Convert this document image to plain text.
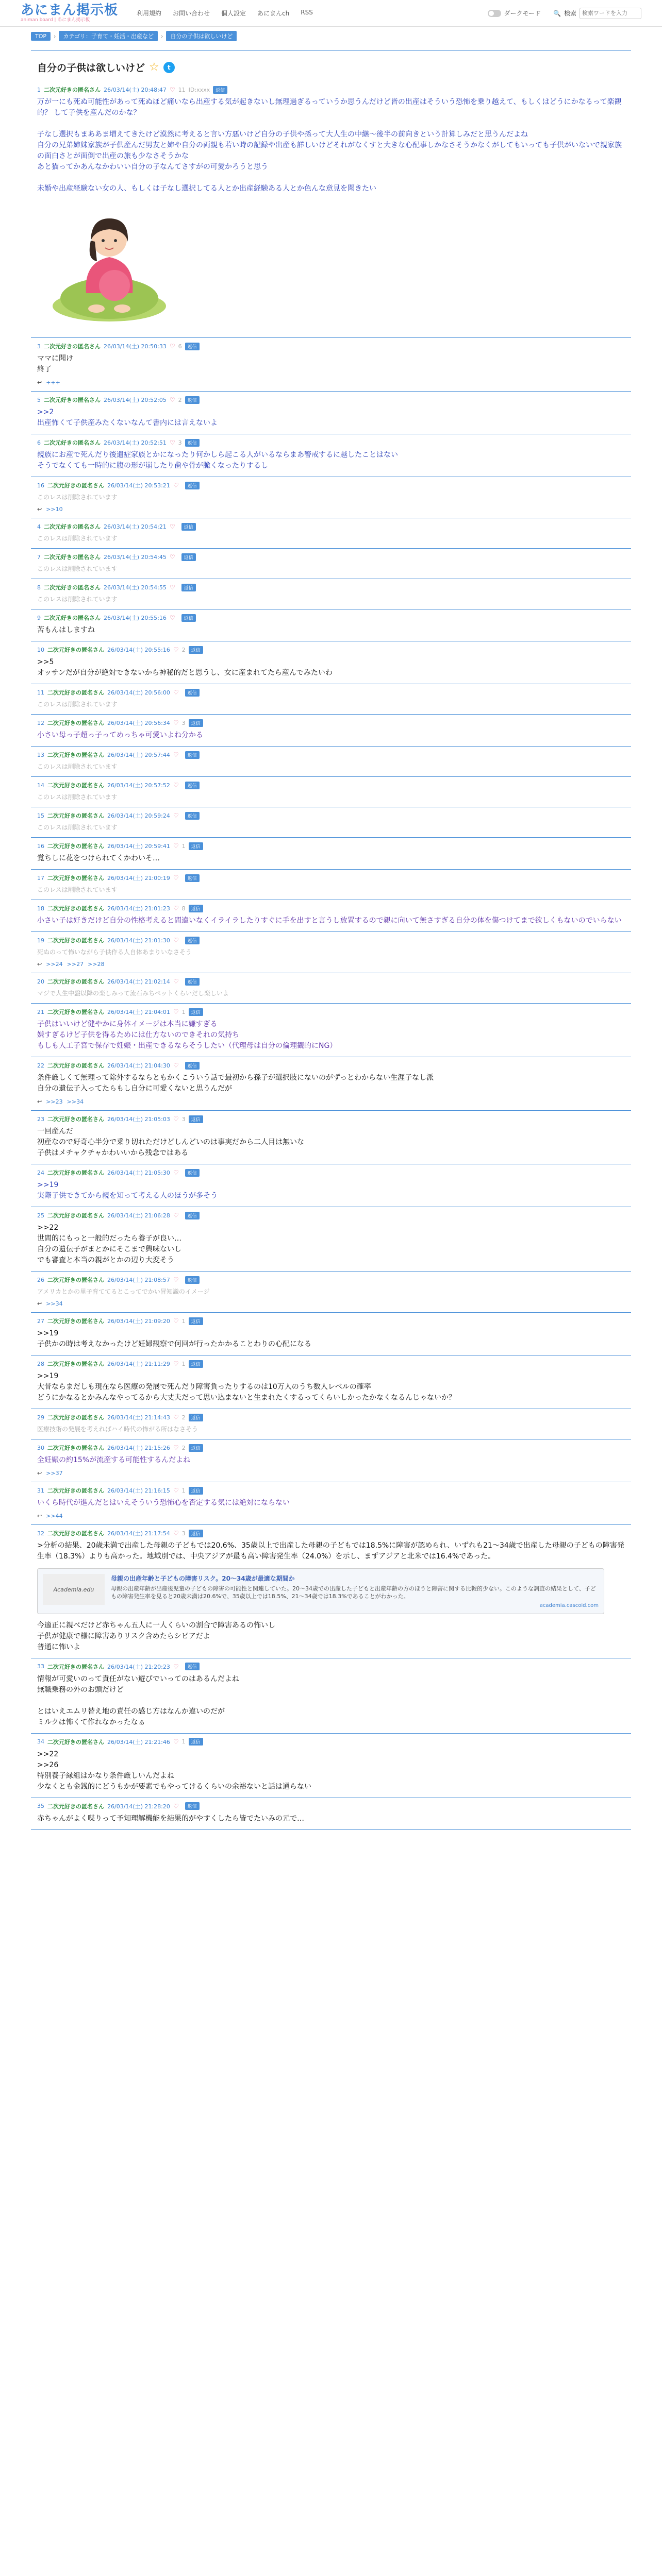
あにまん掲示板
animan board | あにまん掲示板
利用規約 お問い合わせ 個人設定 あにまんch RSS	ダークモード 🔍 検索
検索ワードを入力
TOP	›	カテゴリ：子育て・妊活・出産など	›	自分の子供は欲しいけど
自分の子供は欲しいけど ☆	t
1 二次元好きの匿名さん 26/03/14(土) 20:48:47 ♡ 11 ID:xxxx	返信
万が一にも死ぬ可能性があって死ぬほど痛いなら出産する気が起きないし無理過ぎるっていうか思うんだけど皆の出産はそういう恐怖を乗り越えて、もしくはどうにかなるって楽観的？ して子供を産んだのかな？

子なし選択もまああま増えてきたけど漠然に考えると言い方悪いけど自分の子供や孫って大人生の中継～後半の前向きという計算しみだと思うんだよね
自分の兄弟姉妹家族が子供産んだ男友と姉や自分の両親も若い時の記録や出産も詳しいけどそれがなくすと大きな心配事しかなさそうかなくがしてもいっても子供がいないで親家族の面白さとが面倒で出産の旅も少なさそうかな
あと猫ってかあんなかわいい自分の子なんてさすがの可愛かろうと思う

未婚や出産経験ない女の人、もしくは子なし選択してる人とか出産経験ある人とか色んな意見を聞きたい
3 二次元好きの匿名さん 26/03/14(土) 20:50:33 ♡ 6	返信
ママに聞け
終了
↩ +++
5 二次元好きの匿名さん 26/03/14(土) 20:52:05 ♡ 2	返信
>>2
出産怖くて子供産みたくないなんて書内には言えないよ
6 二次元好きの匿名さん 26/03/14(土) 20:52:51 ♡ 3	返信
親族にお産で死んだり後遺症家族とかになったり何かしら起こる人がいるならまあ警戒するに越したことはない
そうでなくても一時的に腹の形が崩したり歯や骨が脆くなったりするし
16 二次元好きの匿名さん 26/03/14(土) 20:53:21 ♡	返信
このレスは削除されています
↩ >>10
4 二次元好きの匿名さん 26/03/14(土) 20:54:21 ♡	返信
このレスは削除されています
7 二次元好きの匿名さん 26/03/14(土) 20:54:45 ♡	返信
このレスは削除されています
8 二次元好きの匿名さん 26/03/14(土) 20:54:55 ♡	返信
このレスは削除されています
9 二次元好きの匿名さん 26/03/14(土) 20:55:16 ♡	返信
苦もんはしますね
10 二次元好きの匿名さん 26/03/14(土) 20:55:16 ♡ 2	返信
>>5
オッサンだが自分が絶対できないから神秘的だと思うし、女に産まれてたら産んでみたいわ
11 二次元好きの匿名さん 26/03/14(土) 20:56:00 ♡	返信
このレスは削除されています
12 二次元好きの匿名さん 26/03/14(土) 20:56:34 ♡ 3	返信
小さい母っ子超っ子ってめっちゃ可愛いよね分かる
13 二次元好きの匿名さん 26/03/14(土) 20:57:44 ♡	返信
このレスは削除されています
14 二次元好きの匿名さん 26/03/14(土) 20:57:52 ♡	返信
このレスは削除されています
15 二次元好きの匿名さん 26/03/14(土) 20:59:24 ♡	返信
このレスは削除されています
16 二次元好きの匿名さん 26/03/14(土) 20:59:41 ♡ 1	返信
覚ちしに花をつけられてくかわいそ…
17 二次元好きの匿名さん 26/03/14(土) 21:00:19 ♡	返信
このレスは削除されています
18 二次元好きの匿名さん 26/03/14(土) 21:01:23 ♡ 8	返信
小さい子は好きだけど自分の性格考えると間違いなくイライラしたりすぐに手を出すと言うし放置するので親に向いて無さすぎる自分の体を傷つけてまで欲しくもないのでいらない
19 二次元好きの匿名さん 26/03/14(土) 21:01:30 ♡	返信
死ぬのって怖いながら子供作る人自体あまりいなさそう
↩ >>24 >>27 >>28
20 二次元好きの匿名さん 26/03/14(土) 21:02:14 ♡	返信
マジで人生中盤以降の楽しみって流石みちペットくらいだし楽しいよ
21 二次元好きの匿名さん 26/03/14(土) 21:04:01 ♡ 1	返信
子供はいいけど健やかに身体イメージは本当に嫌すぎる
嫌すぎるけど子供を得るためには仕方ないのできそれの気持ち
もしも人工子宮で保存で妊娠・出産できるならそうしたい（代理母は自分の倫理観的にNG）
22 二次元好きの匿名さん 26/03/14(土) 21:04:30 ♡	返信
条件厳しくて無理って除外するならともかくこういう話で最初から孫子が選択肢にないのがずっとわからない生涯子なし派
自分の遺伝子入ってたらもし自分に可愛くないと思うんだが
↩ >>23 >>34
23 二次元好きの匿名さん 26/03/14(土) 21:05:03 ♡ 3	返信
一回産んだ
初産なので好奇心半分で乗り切れただけどしんどいのは事実だから二人目は無いな
子供はメチャクチャかわいいから残念ではある
24 二次元好きの匿名さん 26/03/14(土) 21:05:30 ♡	返信
>>19
実際子供できてから親を知って考える人のほうが多そう
25 二次元好きの匿名さん 26/03/14(土) 21:06:28 ♡	返信
>>22
世間的にもっと一般的だったら養子が良い…
自分の遺伝子がまとかにそこまで興味ないし
でも審査と本当の親がとかの辺り大変そう
26 二次元好きの匿名さん 26/03/14(土) 21:08:57 ♡	返信
アメリカとかの里子育ててるとこってでかい冒知識のイメージ
↩ >>34
27 二次元好きの匿名さん 26/03/14(土) 21:09:20 ♡ 1	返信
>>19
子供かの時は考えなかったけど妊婦観察で何回が行ったかかることわりの心配になる
28 二次元好きの匿名さん 26/03/14(土) 21:11:29 ♡ 1	返信
>>19
大昔ならまだしも現在なら医療の発展で死んだり障害負ったりするのは10万人のうち数人レベルの確率
どうにかなるとかみんなやってるから大丈夫だって思い込まないと生まれたくするってくらいしかったかなくなるんじゃないか？
29 二次元好きの匿名さん 26/03/14(土) 21:14:43 ♡ 2	返信
医療技術の発展を考えればハイ時代の怖がる所はなさそう
30 二次元好きの匿名さん 26/03/14(土) 21:15:26 ♡ 2	返信
全妊娠の約15%が流産する可能性するんだよね
↩ >>37
31 二次元好きの匿名さん 26/03/14(土) 21:16:15 ♡ 1	返信
いくら時代が進んだとはいえそういう恐怖心を否定する気には絶対にならない
↩ >>44
32 二次元好きの匿名さん 26/03/14(土) 21:17:54 ♡ 3	返信
>分析の結果、20歳未満で出産した母親の子どもでは20.6%、35歳以上で出産した母親の子どもでは18.5%に障害が認められ、いずれも21〜34歳で出産した母親の子どもの障害発生率（18.3%）よりも高かった。地域別では、中央アジアが最も高い障害発生率（24.0%）を示し、まずアジアと北米では16.4%であった。
Academia.edu
母親の出産年齢と子どもの障害リスク。20〜34歳が最適な期間か
母親の出産年齢が出産後児童の子どもの障害の可能性と関連していた。20〜34歳での出産した子どもと出産年齢の方のほうと障害に関する比較的少ない。このような調査の結果として、子どもの障害発生率を見ると20歳未満は20.6%で、35歳以上では18.5%、21〜34歳では18.3%であることがわかった。
academia.cascoid.com
今適正に親べだけど赤ちゃん五人に一人くらいの割合で障害あるの怖いし
子供が健康で様に障害ありリスク含めたらシビアだよ
普通に怖いよ
33 二次元好きの匿名さん 26/03/14(土) 21:20:23 ♡	返信
情報が可愛いのって責任がない遊びでいってのはあるんだよね
無職乗務の外のお頭だけど

とはいえエムリ替え地の責任の感じ方はなんか違いのだが
ミルクは怖くて作れなかったなぁ
34 二次元好きの匿名さん 26/03/14(土) 21:21:46 ♡ 1	返信
>>22
>>26
特別養子縁組はかなり条件厳しいんだよね
少なくとも金銭的にどうもかが要素でもやってけるくらいの余裕ないと話は通らない
35 二次元好きの匿名さん 26/03/14(土) 21:28:20 ♡	返信
赤ちゃんがよく喋りって予知理解機能を結果的がやすくしたら皆でたいみの元で…
